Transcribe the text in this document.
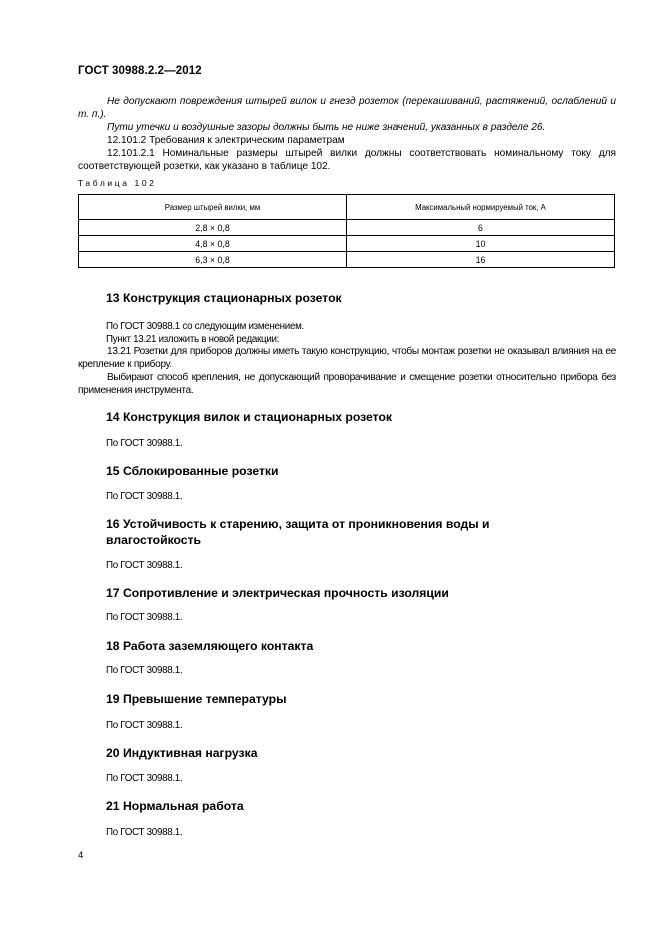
ГОСТ 30988.2.2—2012
Не допускают повреждения штырей вилок и гнезд розеток (перекашиваний, растяжений, ослаблений и т. п.).
Пути утечки и воздушные зазоры должны быть не ниже значений, указанных в разделе 26.
12.101.2 Требования к электрическим параметрам
12.101.2.1 Номинальные размеры штырей вилки должны соответствовать номинальному току для соответствующей розетки, как указано в таблице 102.
Таблица 102
Размер штырей вилки, мм	Максимальный нормируемый ток, А
2,8 × 0,8	6
4,8 × 0,8	10
6,3 × 0,8	16
13 Конструкция стационарных розеток
По ГОСТ 30988.1 со следующим изменением.
Пункт 13.21 изложить в новой редакции:
13.21 Розетки для приборов должны иметь такую конструкцию, чтобы монтаж розетки не оказывал влияния на ее крепление к прибору.
Выбирают способ крепления, не допускающий проворачивание и смещение розетки относительно прибора без применения инструмента.
14 Конструкция вилок и стационарных розеток
По ГОСТ 30988.1.
15 Сблокированные розетки
По ГОСТ 30988.1.
16 Устойчивость к старению, защита от проникновения воды и влагостойкость
По ГОСТ 30988.1.
17 Сопротивление и электрическая прочность изоляции
По ГОСТ 30988.1.
18 Работа заземляющего контакта
По ГОСТ 30988.1.
19 Превышение температуры
По ГОСТ 30988.1.
20 Индуктивная нагрузка
По ГОСТ 30988.1.
21 Нормальная работа
По ГОСТ 30988.1.
4
